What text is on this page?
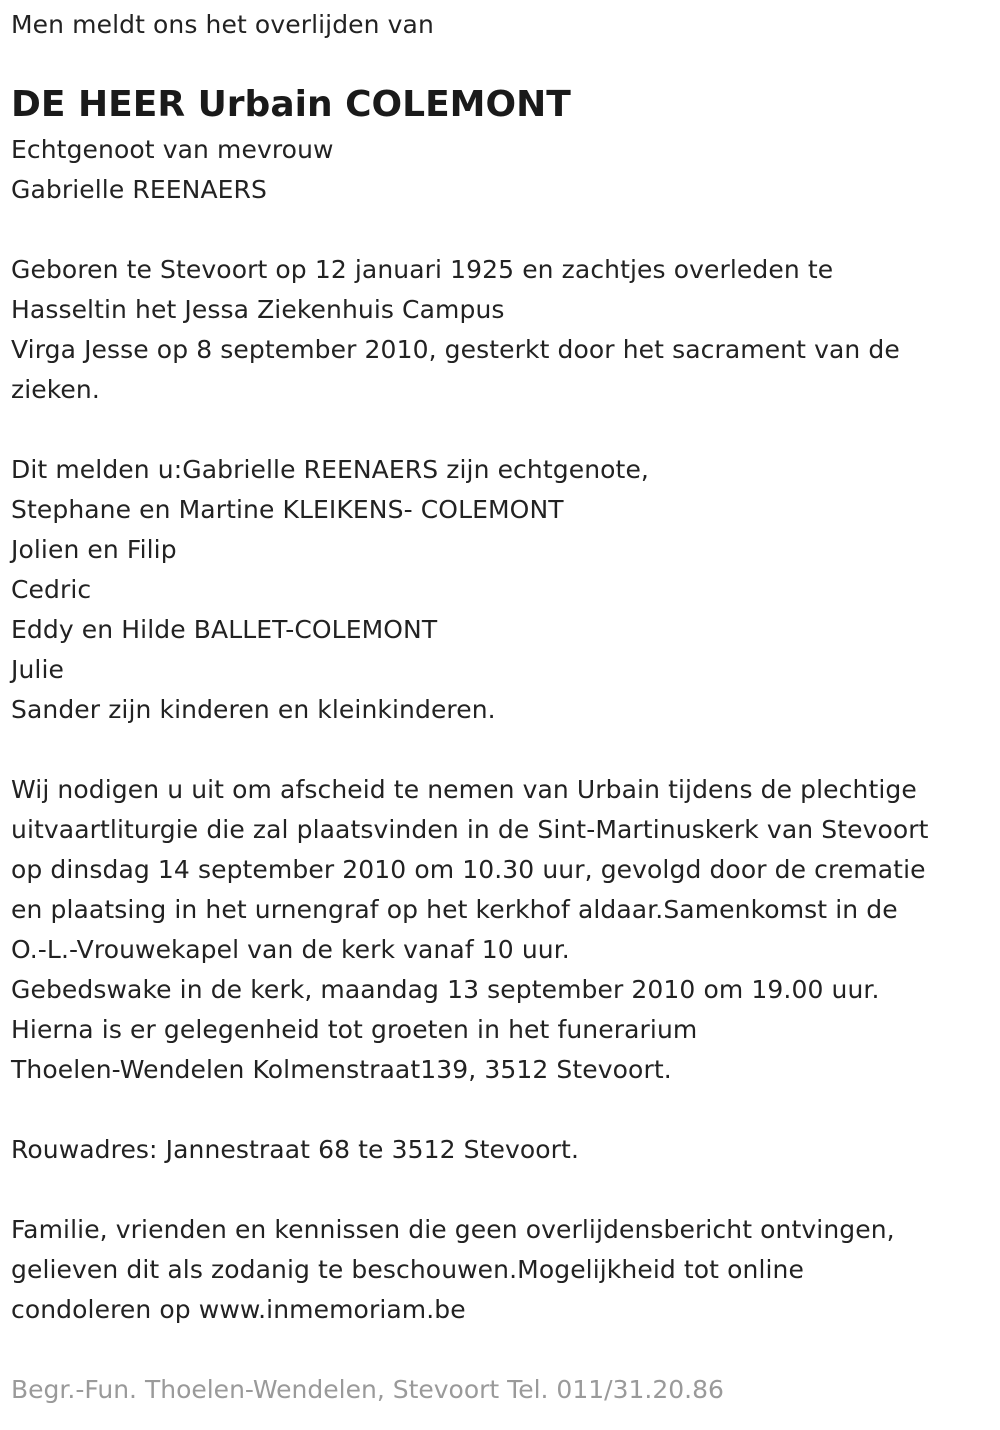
Men meldt ons het overlijden van
DE HEER Urbain COLEMONT
Echtgenoot van mevrouw
Gabrielle REENAERS
Geboren te Stevoort op 12 januari 1925 en zachtjes overleden te
Hasseltin het Jessa Ziekenhuis Campus
Virga Jesse op 8 september 2010, gesterkt door het sacrament van de
zieken.
Dit melden u:Gabrielle REENAERS zijn echtgenote,
Stephane en Martine KLEIKENS- COLEMONT
Jolien en Filip
Cedric
Eddy en Hilde BALLET-COLEMONT
Julie
Sander zijn kinderen en kleinkinderen.
Wij nodigen u uit om afscheid te nemen van Urbain tijdens de plechtige
uitvaartliturgie die zal plaatsvinden in de Sint-Martinuskerk van Stevoort
op dinsdag 14 september 2010 om 10.30 uur, gevolgd door de crematie
en plaatsing in het urnengraf op het kerkhof aldaar.Samenkomst in de
O.-L.-Vrouwekapel van de kerk vanaf 10 uur.
Gebedswake in de kerk, maandag 13 september 2010 om 19.00 uur.
Hierna is er gelegenheid tot groeten in het funerarium
Thoelen-Wendelen Kolmenstraat139, 3512 Stevoort.
Rouwadres: Jannestraat 68 te 3512 Stevoort.
Familie, vrienden en kennissen die geen overlijdensbericht ontvingen,
gelieven dit als zodanig te beschouwen.Mogelijkheid tot online
condoleren op www.inmemoriam.be
Begr.-Fun. Thoelen-Wendelen, Stevoort Tel. 011/31.20.86
